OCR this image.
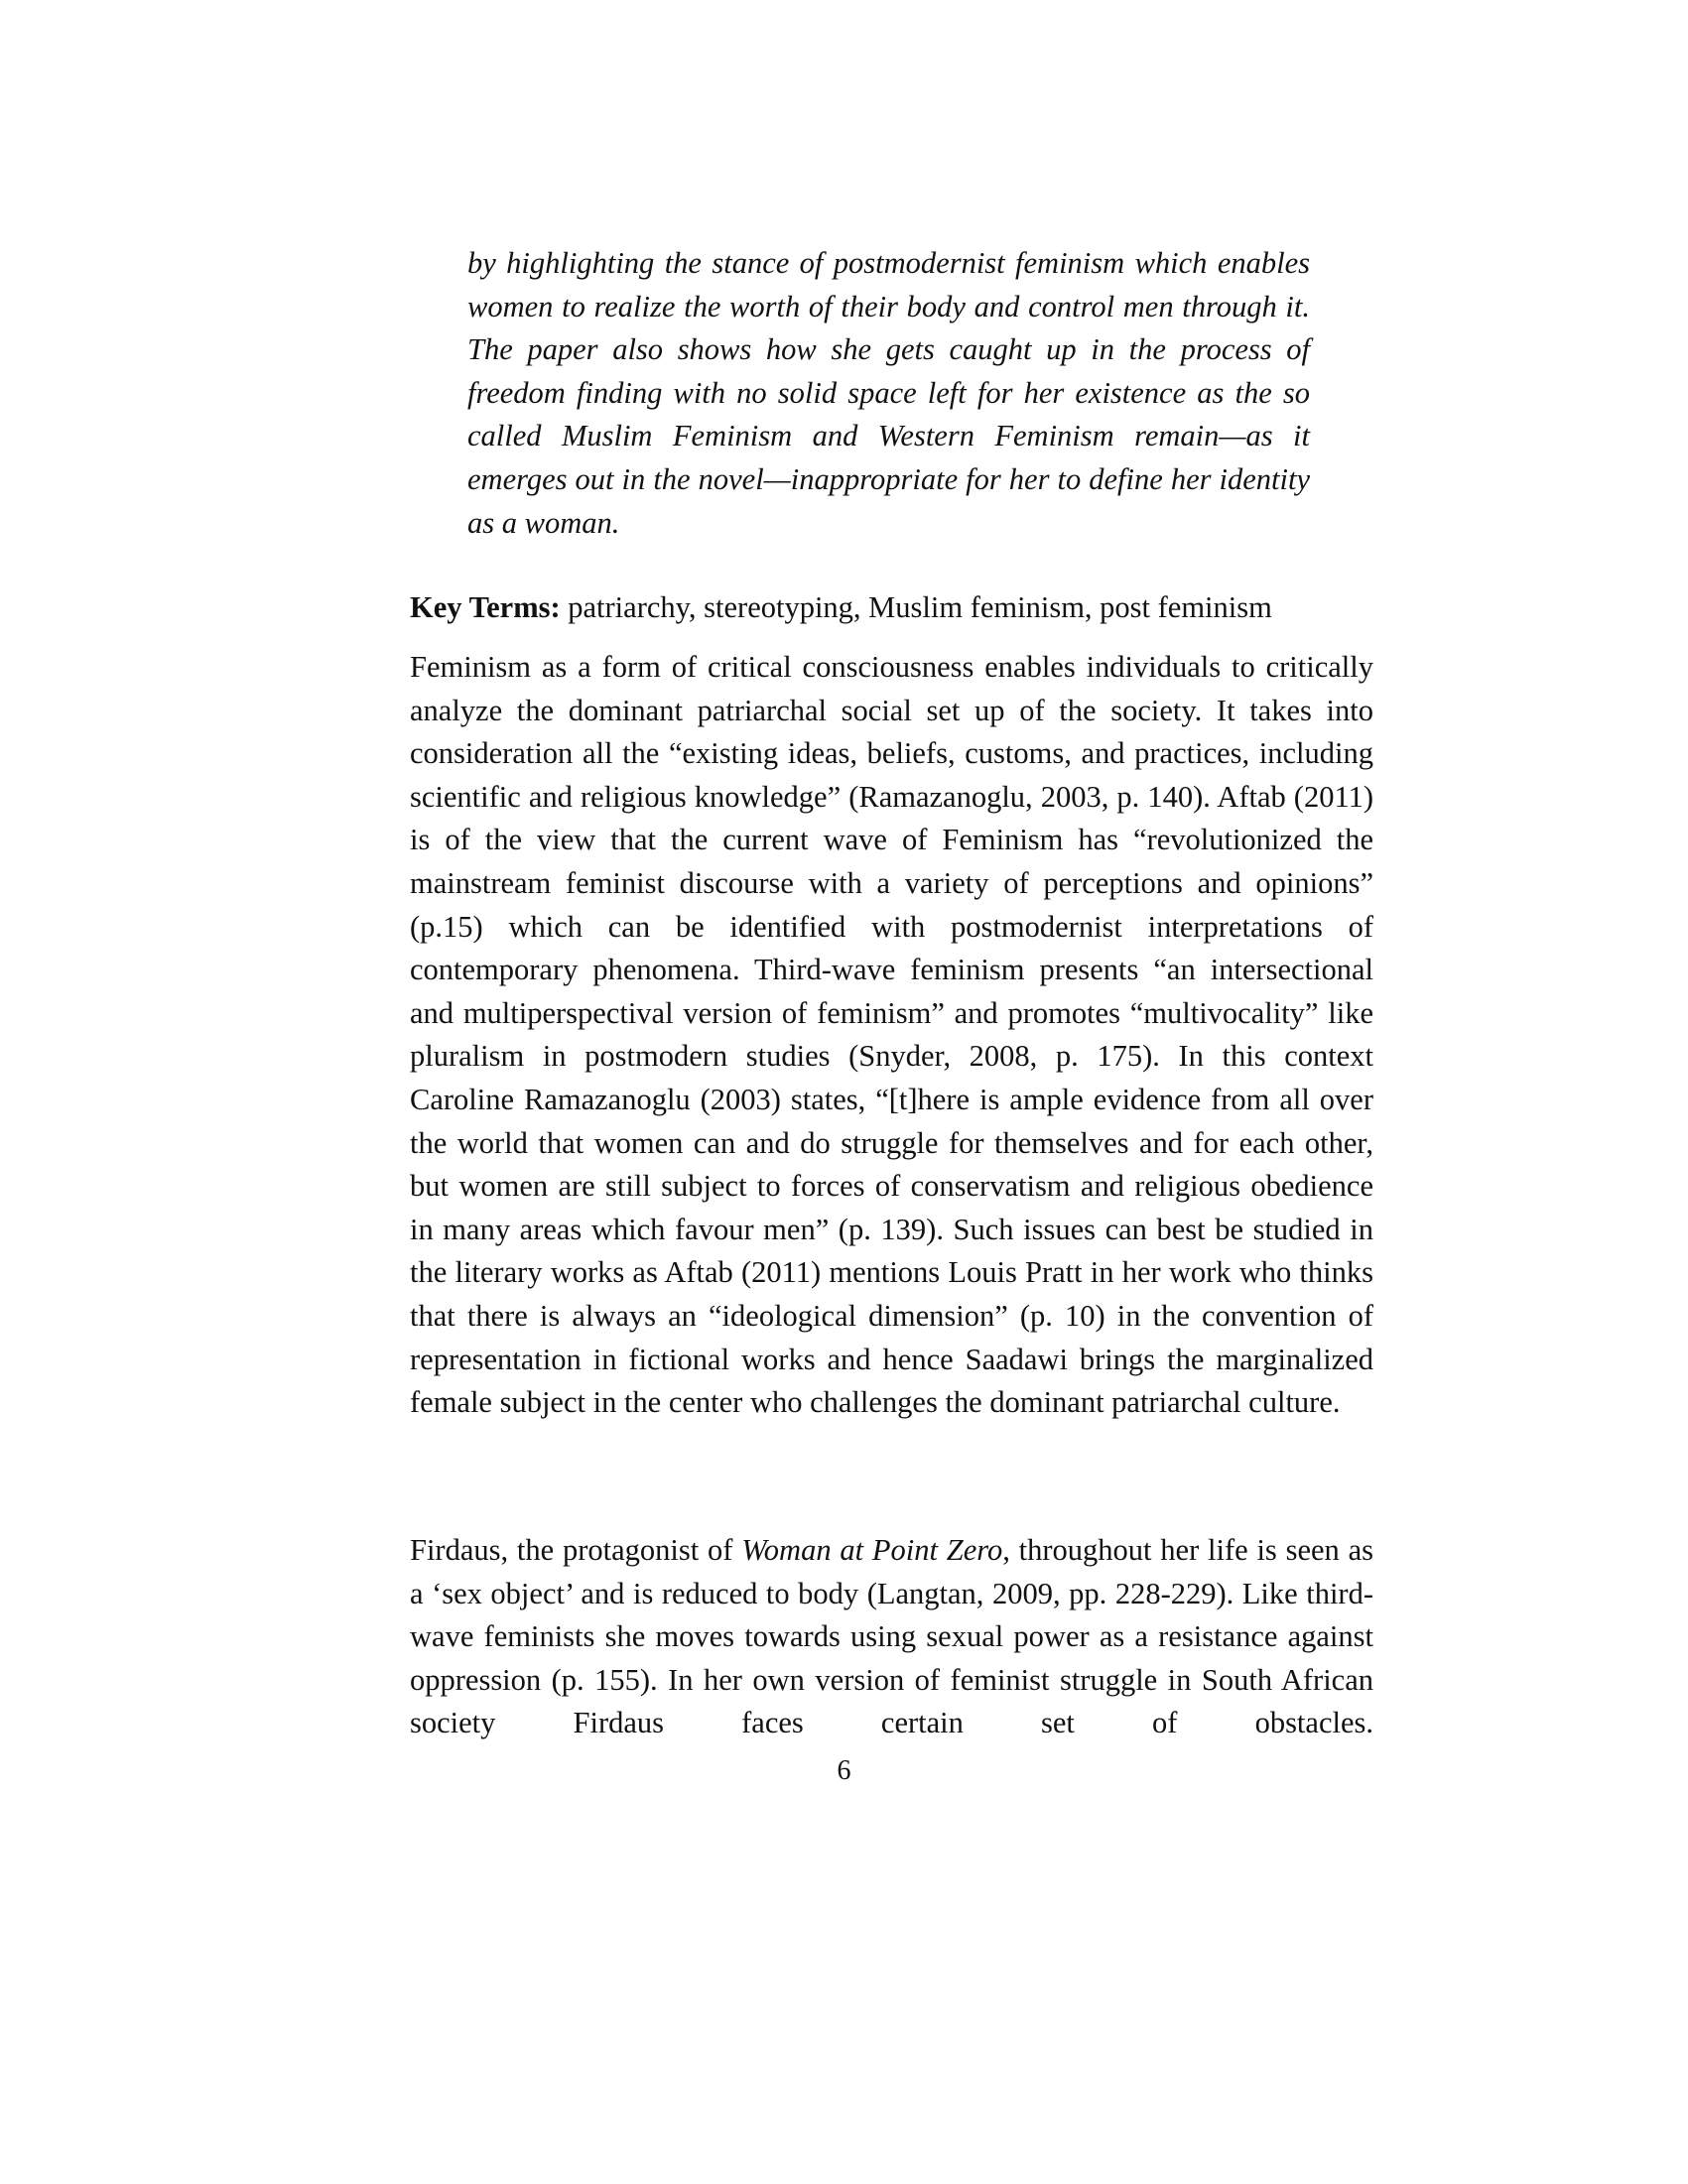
by highlighting the stance of postmodernist feminism which enables women to realize the worth of their body and control men through it. The paper also shows how she gets caught up in the process of freedom finding with no solid space left for her existence as the so called Muslim Feminism and Western Feminism remain—as it emerges out in the novel—inappropriate for her to define her identity as a woman.

Key Terms: patriarchy, stereotyping, Muslim feminism, post feminism

Feminism as a form of critical consciousness enables individuals to critically analyze the dominant patriarchal social set up of the society. It takes into consideration all the “existing ideas, beliefs, customs, and practices, including scientific and religious knowledge” (Ramazanoglu, 2003, p. 140). Aftab (2011) is of the view that the current wave of Feminism has “revolutionized the mainstream feminist discourse with a variety of perceptions and opinions” (p.15) which can be identified with postmodernist interpretations of contemporary phenomena. Third-wave feminism presents “an intersectional and multiperspectival version of feminism” and promotes “multivocality” like pluralism in postmodern studies (Snyder, 2008, p. 175). In this context Caroline Ramazanoglu (2003) states, “[t]here is ample evidence from all over the world that women can and do struggle for themselves and for each other, but women are still subject to forces of conservatism and religious obedience in many areas which favour men” (p. 139). Such issues can best be studied in the literary works as Aftab (2011) mentions Louis Pratt in her work who thinks that there is always an “ideological dimension” (p. 10) in the convention of representation in fictional works and hence Saadawi brings the marginalized female subject in the center who challenges the dominant patriarchal culture.

Firdaus, the protagonist of Woman at Point Zero, throughout her life is seen as a ‘sex object’ and is reduced to body (Langtan, 2009, pp. 228-229). Like third-wave feminists she moves towards using sexual power as a resistance against oppression (p. 155). In her own version of feminist struggle in South African society Firdaus faces certain set of obstacles.

6
